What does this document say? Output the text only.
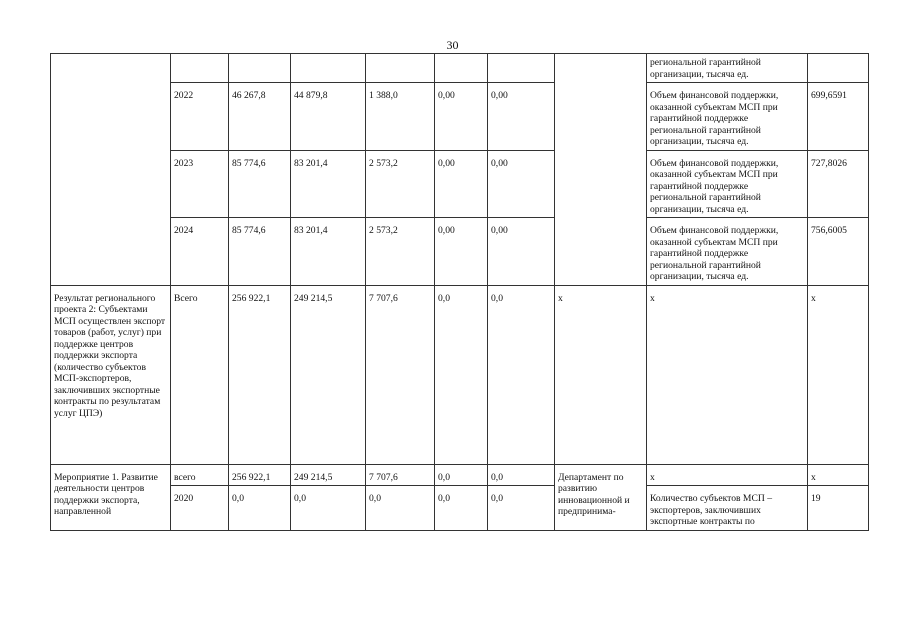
30
								региональной гарантийной организации, тысяча ед.	
	2022	46 267,8	44 879,8	1 388,0	0,00	0,00		Объем финансовой поддержки, оказанной субъектам МСП при гарантийной поддержке региональной гарантийной организации, тысяча ед.	699,6591
	2023	85 774,6	83 201,4	2 573,2	0,00	0,00		Объем финансовой поддержки, оказанной субъектам МСП при гарантийной поддержке региональной гарантийной организации, тысяча ед.	727,8026
	2024	85 774,6	83 201,4	2 573,2	0,00	0,00		Объем финансовой поддержки, оказанной субъектам МСП при гарантийной поддержке региональной гарантийной организации, тысяча ед.	756,6005
Результат регионального проекта 2: Субъектами МСП осуществлен экспорт товаров (работ, услуг) при поддержке центров поддержки экспорта (количество субъектов МСП-экспортеров, заключивших экспортные контракты по результатам услуг ЦПЭ)	Всего	256 922,1	249 214,5	7 707,6	0,0	0,0	х	х	х
Мероприятие 1. Развитие деятельности центров поддержки экспорта, направленной	всего	256 922,1	249 214,5	7 707,6	0,0	0,0	Департамент по развитию инновационной и предпринима-	х	х
	2020	0,0	0,0	0,0	0,0	0,0		Количество субъектов МСП – экспортеров, заключивших экспортные контракты по	19
